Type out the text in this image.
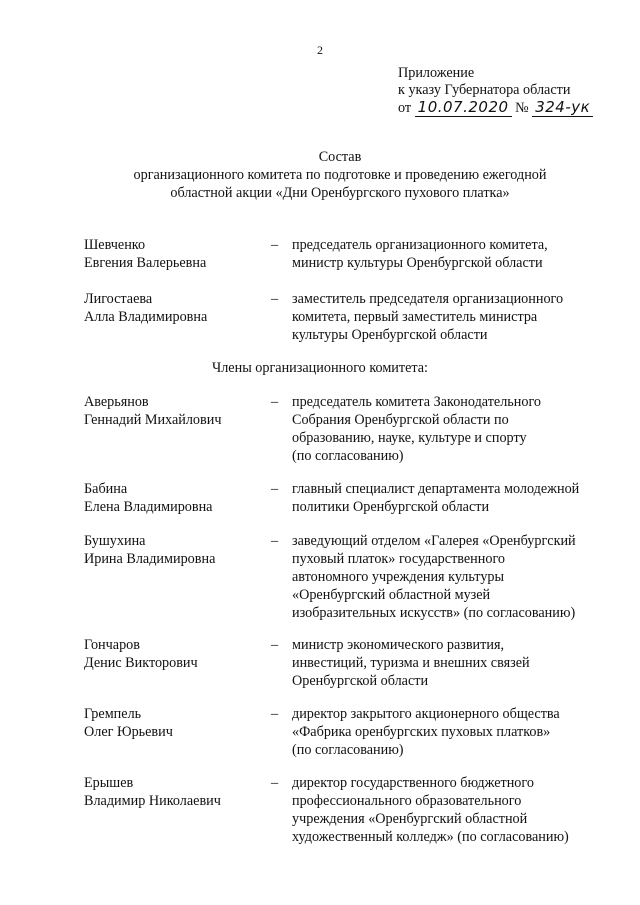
2
Приложение
к указу Губернатора области
от 10.07.2020 № 324-ук
Состав
организационного комитета по подготовке и проведению ежегодной
областной акции «Дни Оренбургского пухового платка»
Шевченко
Евгения Валерьевна
– председатель организационного комитета,
министр культуры Оренбургской области
Лигостаева
Алла Владимировна
– заместитель председателя организационного
комитета, первый заместитель министра
культуры Оренбургской области
Члены организационного комитета:
Аверьянов
Геннадий Михайлович
– председатель комитета Законодательного
Собрания Оренбургской области по
образованию, науке, культуре и спорту
(по согласованию)
Бабина
Елена Владимировна
– главный специалист департамента молодежной
политики Оренбургской области
Бушухина
Ирина Владимировна
– заведующий отделом «Галерея «Оренбургский
пуховый платок» государственного
автономного учреждения культуры
«Оренбургский областной музей
изобразительных искусств» (по согласованию)
Гончаров
Денис Викторович
– министр экономического развития,
инвестиций, туризма и внешних связей
Оренбургской области
Гремпель
Олег Юрьевич
– директор закрытого акционерного общества
«Фабрика оренбургских пуховых платков»
(по согласованию)
Ерышев
Владимир Николаевич
– директор государственного бюджетного
профессионального образовательного
учреждения «Оренбургский областной
художественный колледж» (по согласованию)
